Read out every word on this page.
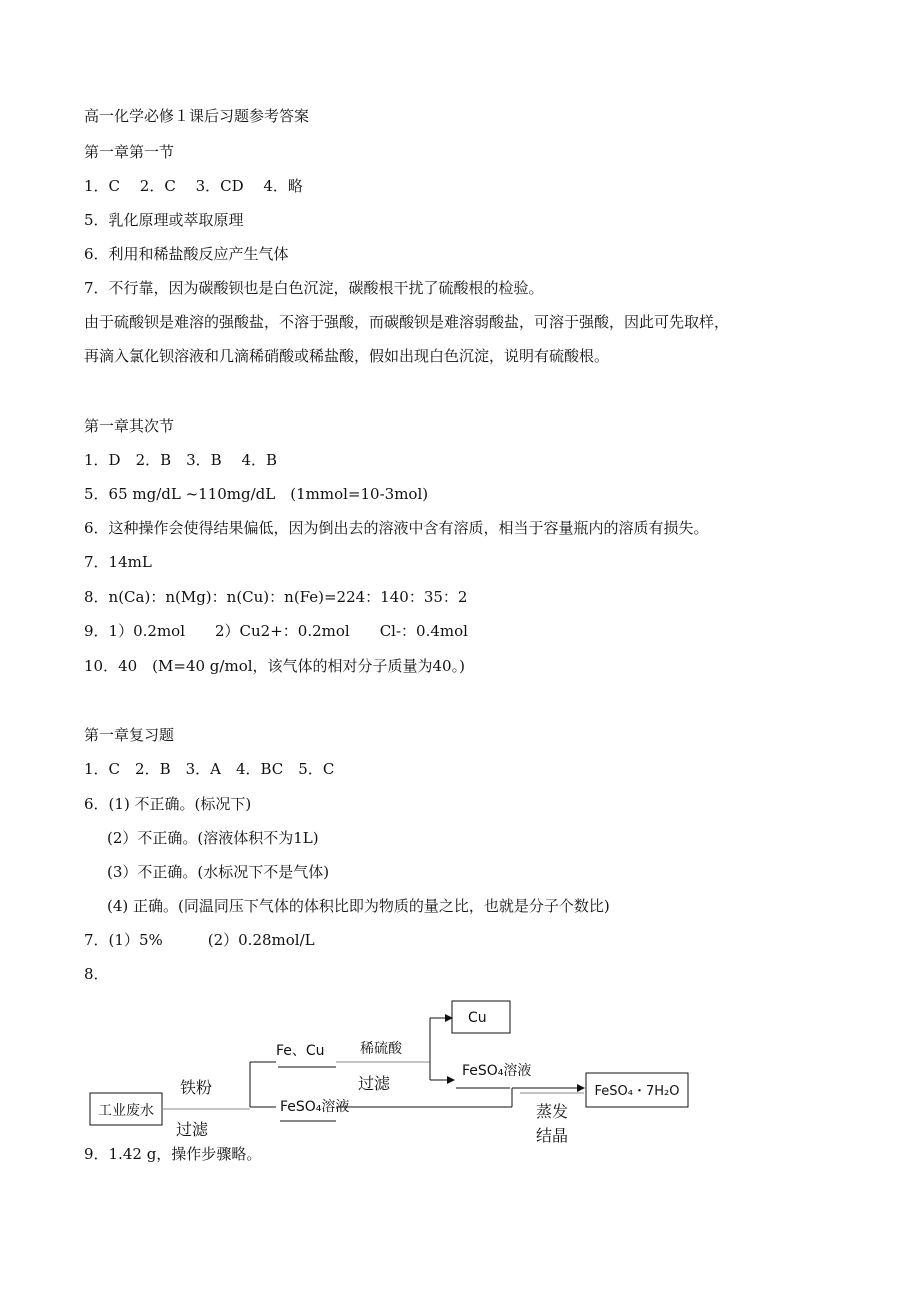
高一化学必修１课后习题参考答案
第一章第一节
1．C　 2．C　 3．CD　 4．略
5．乳化原理或萃取原理
6．利用和稀盐酸反应产生气体
7．不行靠，因为碳酸钡也是白色沉淀，碳酸根干扰了硫酸根的检验。
由于硫酸钡是难溶的强酸盐，不溶于强酸，而碳酸钡是难溶弱酸盐，可溶于强酸，因此可先取样，
再滴入氯化钡溶液和几滴稀硝酸或稀盐酸，假如出现白色沉淀，说明有硫酸根。
第一章其次节
1．D　2．B　3．B　 4．B
5．65 mg/dL ~110mg/dL　(1mmol=10-3mol)
6．这种操作会使得结果偏低，因为倒出去的溶液中含有溶质，相当于容量瓶内的溶质有损失。
7．14mL
8．n(Ca)：n(Mg)：n(Cu)：n(Fe)=224：140：35：2
9．1）0.2mol　　2）Cu2+：0.2mol　　Cl-：0.4mol
10．40　(M=40 g/mol，该气体的相对分子质量为40。)
第一章复习题
1．C　2．B　3．A　4．BC　5．C
6．(1) 不正确。(标况下)
(2）不正确。(溶液体积不为1L)
(3）不正确。(水标况下不是气体)
(4) 正确。(同温同压下气体的体积比即为物质的量之比，也就是分子个数比)
7．(1）5%　　　(2）0.28mol/L
8．
工业废水
铁粉
过滤
Fe、Cu
FeSO₄溶液
稀硫酸
过滤
Cu
FeSO₄溶液
蒸发
结晶
FeSO₄・7H₂O
9．1.42 g，操作步骤略。
